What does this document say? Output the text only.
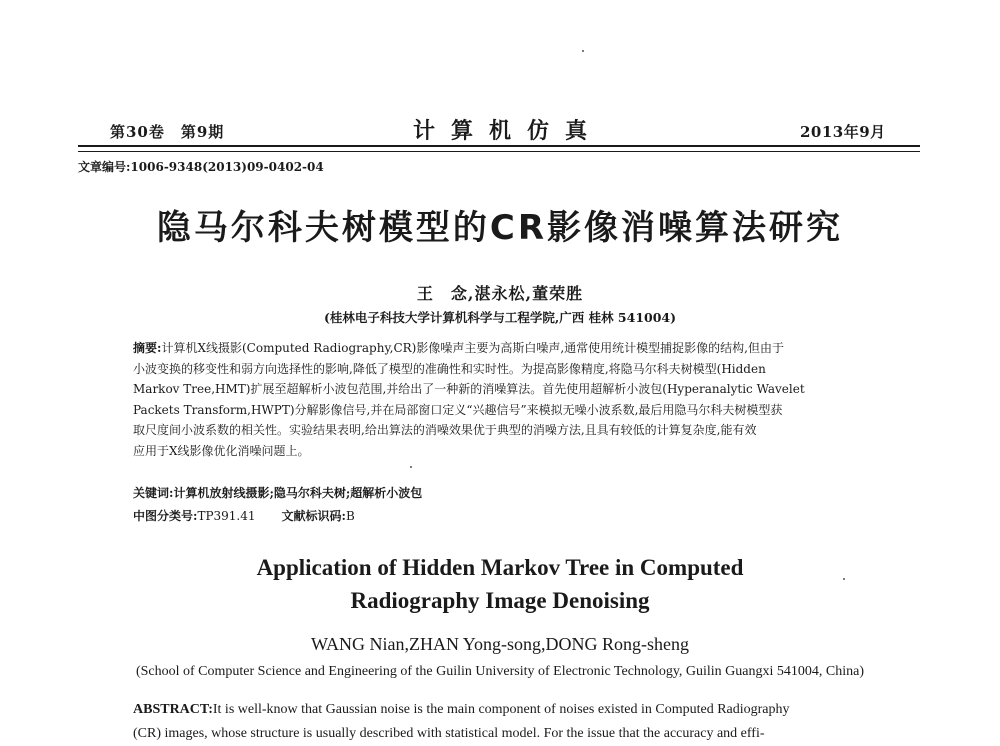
第30卷　第9期	计算机仿真	2013年9月
文章编号:1006-9348(2013)09-0402-04
隐马尔科夫树模型的CR影像消噪算法研究
王　念,湛永松,董荣胜
(桂林电子科技大学计算机科学与工程学院,广西 桂林 541004)
摘要:计算机X线摄影(Computed Radiography,CR)影像噪声主要为高斯白噪声,通常使用统计模型捕捉影像的结构,但由于
小波变换的移变性和弱方向选择性的影响,降低了模型的准确性和实时性。为提高影像精度,将隐马尔科夫树模型(Hidden
Markov Tree,HMT)扩展至超解析小波包范围,并给出了一种新的消噪算法。首先使用超解析小波包(Hyperanalytic Wavelet
Packets Transform,HWPT)分解影像信号,并在局部窗口定义“兴趣信号”来模拟无噪小波系数,最后用隐马尔科夫树模型获
取尺度间小波系数的相关性。实验结果表明,给出算法的消噪效果优于典型的消噪方法,且具有较低的计算复杂度,能有效
应用于X线影像优化消噪问题上。
关键词:计算机放射线摄影;隐马尔科夫树;超解析小波包
中图分类号:TP391.41 文献标识码:B
Application of Hidden Markov Tree in Computed
Radiography Image Denoising
WANG Nian,ZHAN Yong-song,DONG Rong-sheng
(School of Computer Science and Engineering of the Guilin University of Electronic Technology, Guilin Guangxi 541004, China)
ABSTRACT:It is well-know that Gaussian noise is the main component of noises existed in Computed Radiography
(CR) images, whose structure is usually described with statistical model. For the issue that the accuracy and effi-
